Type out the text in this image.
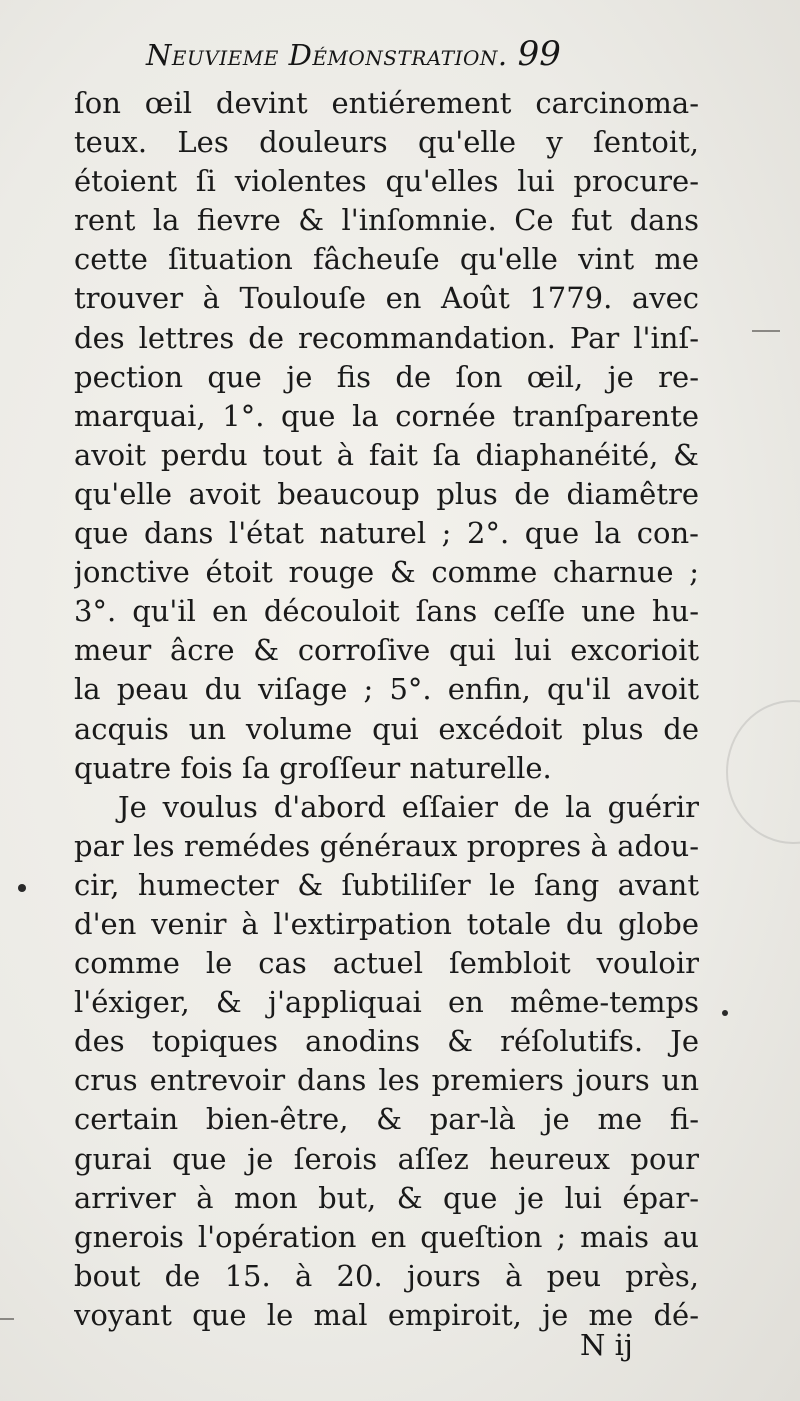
Neuvieme Démonstration. 99
ſon œil devint entiérement carcinoma-
teux. Les douleurs qu'elle y ſentoit,
étoient ſi violentes qu'elles lui procure-
rent la fievre & l'inſomnie. Ce fut dans
cette ſituation fâcheuſe qu'elle vint me
trouver à Toulouſe en Août 1779. avec
des lettres de recommandation. Par l'inſ-
pection que je fis de ſon œil, je re-
marquai, 1°. que la cornée tranſparente
avoit perdu tout à fait ſa diaphanéité, &
qu'elle avoit beaucoup plus de diamêtre
que dans l'état naturel ; 2°. que la con-
jonctive étoit rouge & comme charnue ;
3°. qu'il en découloit ſans ceſſe une hu-
meur âcre & corroſive qui lui excorioit
la peau du viſage ; 5°. enfin, qu'il avoit
acquis un volume qui excédoit plus de
quatre fois ſa groſſeur naturelle.
Je voulus d'abord eſſaier de la guérir
par les remédes généraux propres à adou-
cir, humecter & ſubtiliſer le ſang avant
d'en venir à l'extirpation totale du globe
comme le cas actuel ſembloit vouloir
l'éxiger, & j'appliquai en même-temps
des topiques anodins & réſolutifs. Je
crus entrevoir dans les premiers jours un
certain bien-être, & par-là je me fi-
gurai que je ſerois aſſez heureux pour
arriver à mon but, & que je lui épar-
gnerois l'opération en queſtion ; mais au
bout de 15. à 20. jours à peu près,
voyant que le mal empiroit, je me dé-
N ij
